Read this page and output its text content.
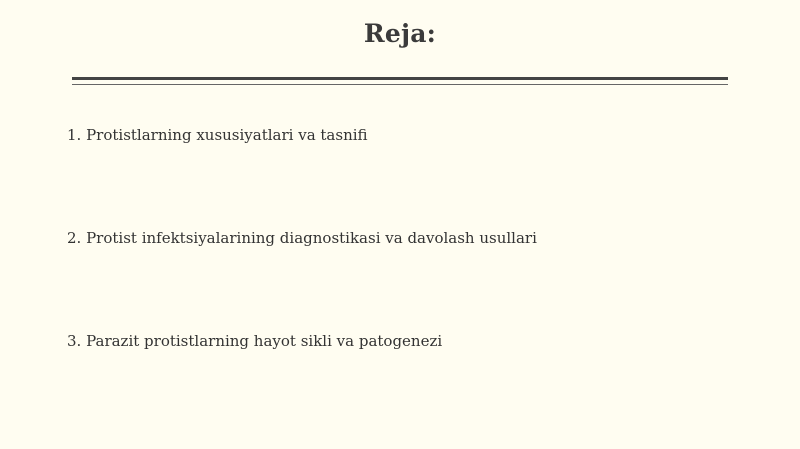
Reja:
1. Protistlarning xususiyatlari va tasnifi
2. Protist infektsiyalarining diagnostikasi va davolash usullari
3. Parazit protistlarning hayot sikli va patogenezi
